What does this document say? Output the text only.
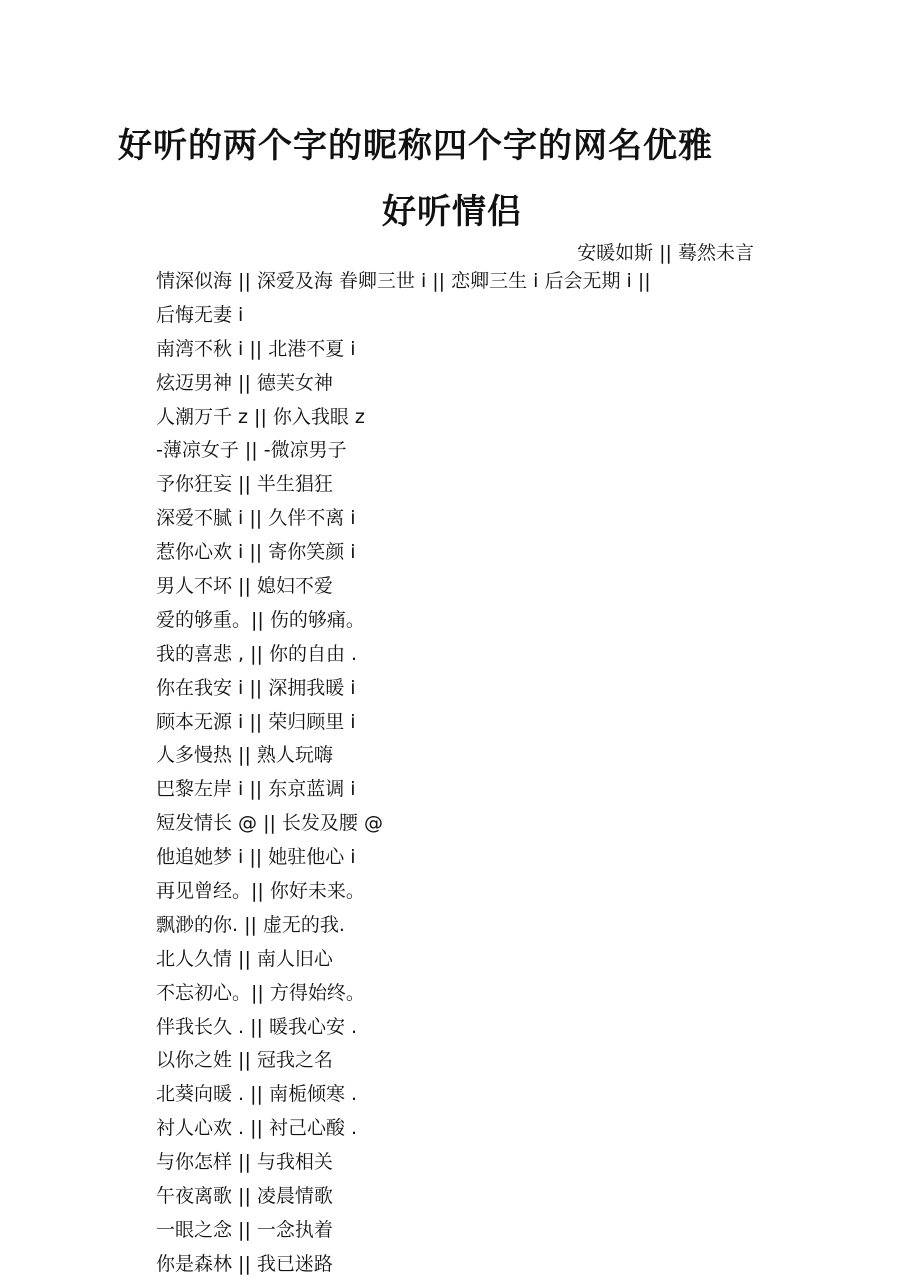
好听的两个字的昵称四个字的网名优雅
好听情侣
安暖如斯 || 蓦然未言
情深似海 || 深爱及海 眷卿三世 i || 恋卿三生 i 后会无期 i ||
后悔无妻 i
南湾不秋 i || 北港不夏 i
炫迈男神 || 德芙女神
人潮万千 z || 你入我眼 z
-薄凉女子 || -微凉男子
予你狂妄 || 半生猖狂
深爱不腻 i || 久伴不离 i
惹你心欢 i || 寄你笑颜 i
男人不坏 || 媳妇不爱
爱的够重。|| 伤的够痛。
我的喜悲 , || 你的自由 .
你在我安 i || 深拥我暖 i
顾本无源 i || 荣归顾里 i
人多慢热 || 熟人玩嗨
巴黎左岸 i || 东京蓝调 i
短发情长 @ || 长发及腰 @
他追她梦 i || 她驻他心 i
再见曾经。|| 你好未来。
飘渺的你. || 虚无的我.
北人久情 || 南人旧心
不忘初心。|| 方得始终。
伴我长久 . || 暖我心安 .
以你之姓 || 冠我之名
北葵向暖 . || 南栀倾寒 .
衬人心欢 . || 衬己心酸 .
与你怎样 || 与我相关
午夜离歌 || 凌晨情歌
一眼之念 || 一念执着
你是森林 || 我已迷路
